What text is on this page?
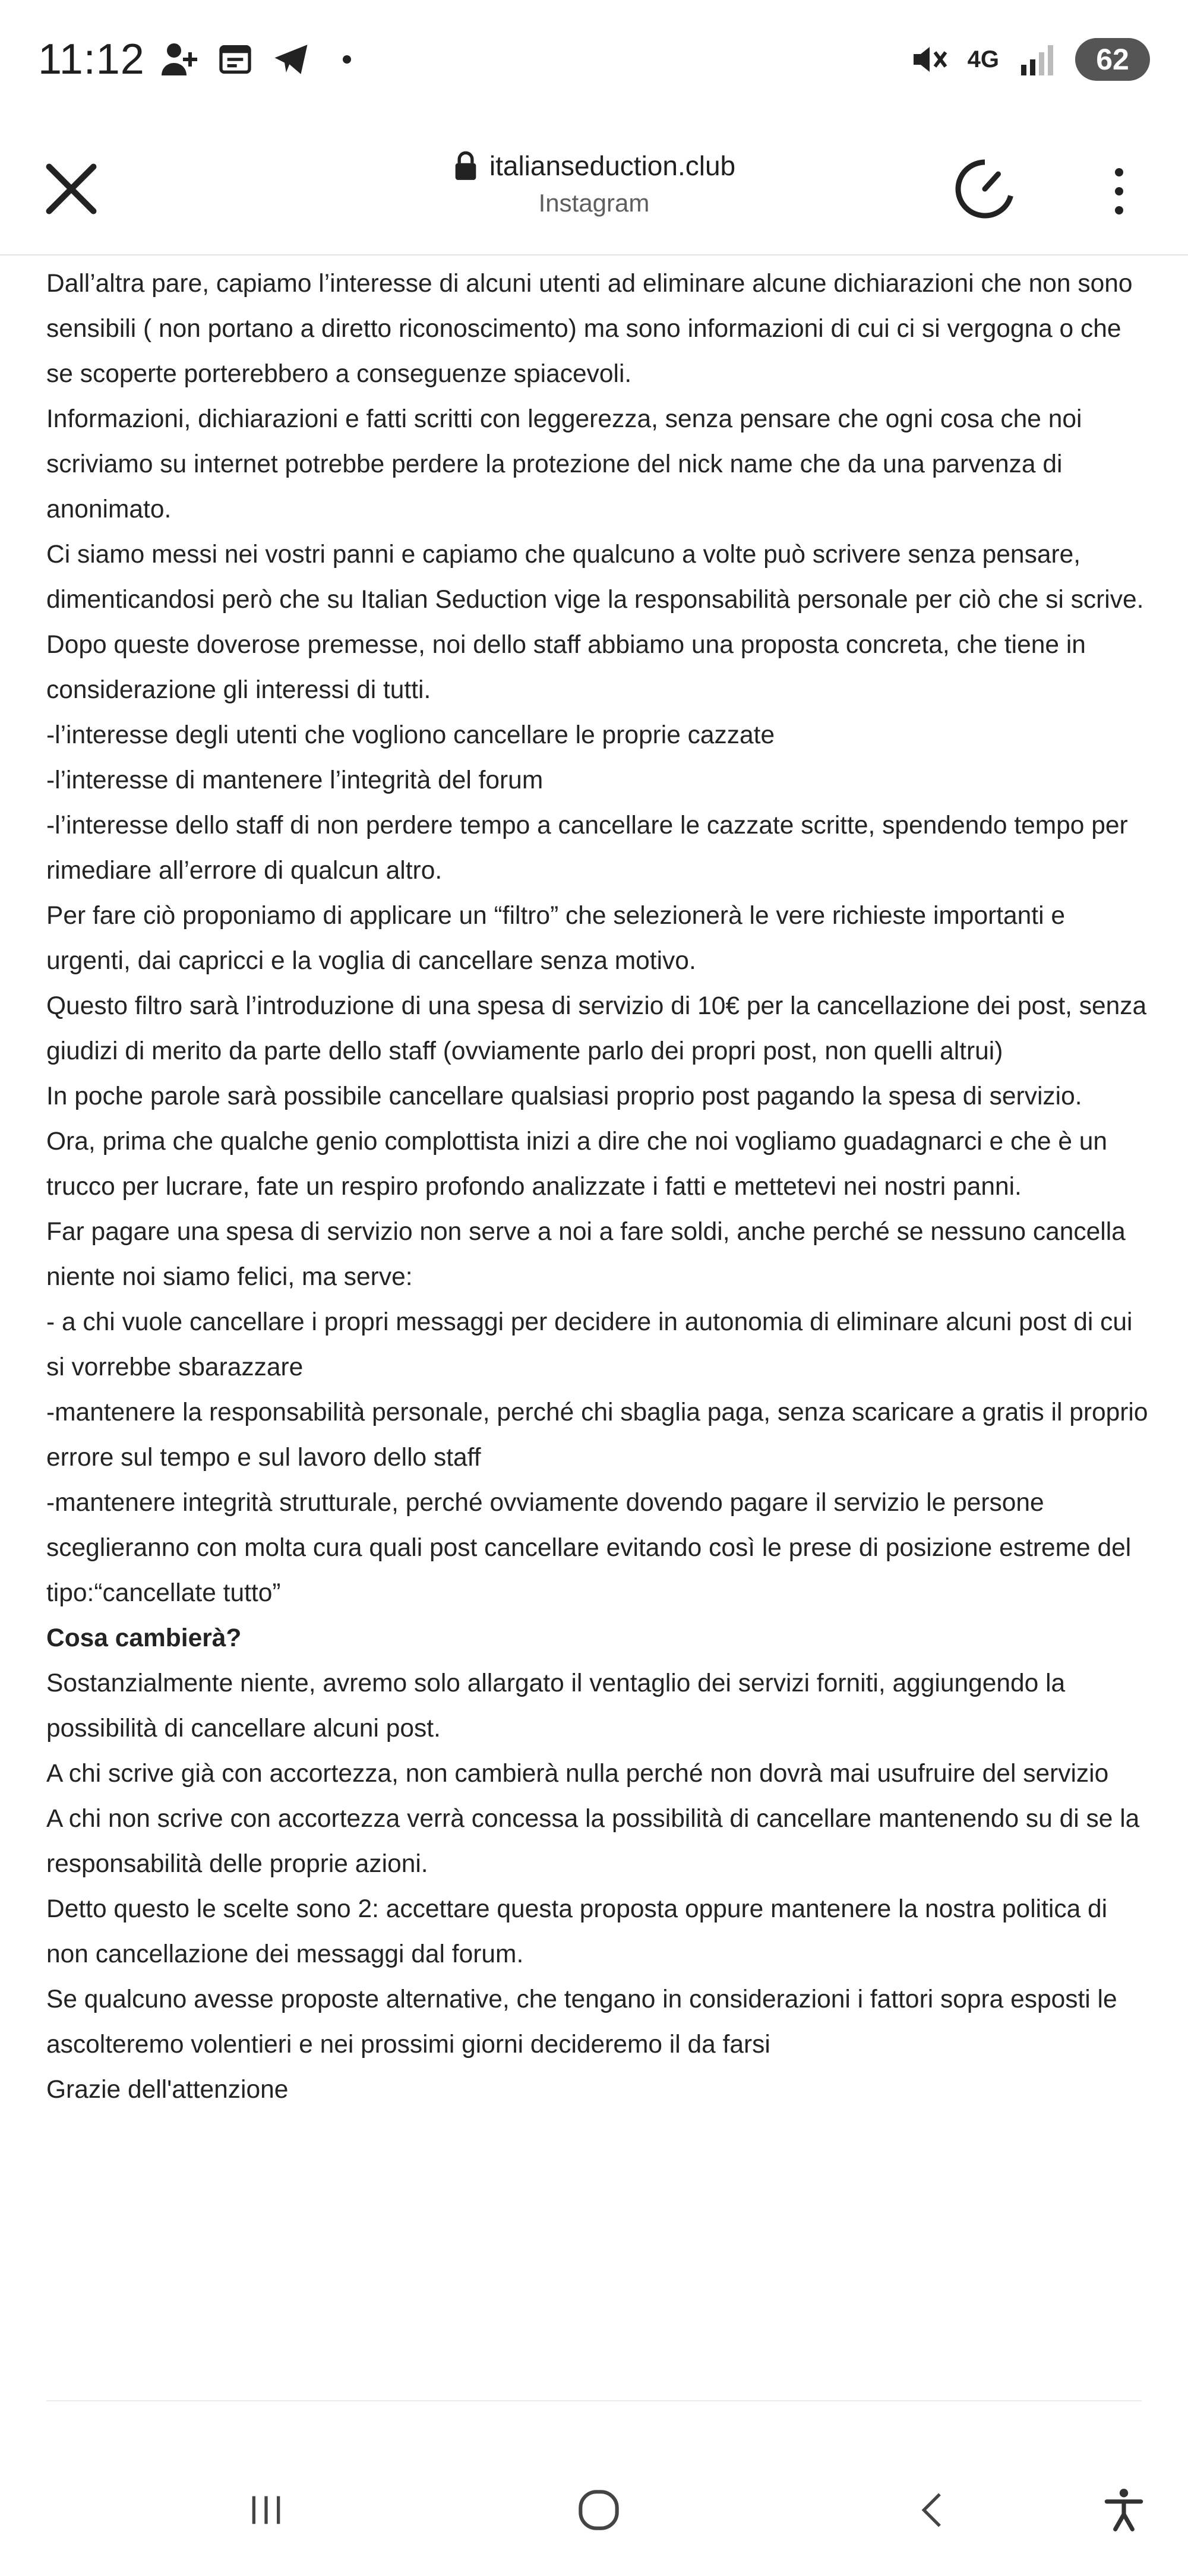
11:12	4G	62
italianseduction.club
Instagram

Dall’altra pare, capiamo l’interesse di alcuni utenti ad eliminare alcune dichiarazioni che non sono sensibili ( non portano a diretto riconoscimento) ma sono informazioni di cui ci si vergogna o che se scoperte porterebbero a conseguenze spiacevoli.

Informazioni, dichiarazioni e fatti scritti con leggerezza, senza pensare che ogni cosa che noi scriviamo su internet potrebbe perdere la protezione del nick name che da una parvenza di anonimato.

Ci siamo messi nei vostri panni e capiamo che qualcuno a volte può scrivere senza pensare, dimenticandosi però che su Italian Seduction vige la responsabilità personale per ciò che si scrive.

Dopo queste doverose premesse, noi dello staff abbiamo una proposta concreta, che tiene in considerazione gli interessi di tutti.

-l’interesse degli utenti che vogliono cancellare le proprie cazzate

-l’interesse di mantenere l’integrità del forum

-l’interesse dello staff di non perdere tempo a cancellare le cazzate scritte, spendendo tempo per rimediare all’errore di qualcun altro.

Per fare ciò proponiamo di applicare un “filtro” che selezionerà le vere richieste importanti e urgenti, dai capricci e la voglia di cancellare senza motivo.

Questo filtro sarà l’introduzione di una spesa di servizio di 10€ per la cancellazione dei post, senza giudizi di merito da parte dello staff (ovviamente parlo dei propri post, non quelli altrui)

In poche parole sarà possibile cancellare qualsiasi proprio post pagando la spesa di servizio.

Ora, prima che qualche genio complottista inizi a dire che noi vogliamo guadagnarci e che è un trucco per lucrare, fate un respiro profondo analizzate i fatti e mettetevi nei nostri panni.

Far pagare una spesa di servizio non serve a noi a fare soldi, anche perché se nessuno cancella niente noi siamo felici, ma serve:

- a chi vuole cancellare i propri messaggi per decidere in autonomia di eliminare alcuni post di cui si vorrebbe sbarazzare

-mantenere la responsabilità personale, perché chi sbaglia paga, senza scaricare a gratis il proprio errore sul tempo e sul lavoro dello staff

-mantenere integrità strutturale, perché ovviamente dovendo pagare il servizio le persone sceglieranno con molta cura quali post cancellare evitando così le prese di posizione estreme del tipo:“cancellate tutto”

Cosa cambierà?

Sostanzialmente niente, avremo solo allargato il ventaglio dei servizi forniti, aggiungendo la possibilità di cancellare alcuni post.

A chi scrive già con accortezza, non cambierà nulla perché non dovrà mai usufruire del servizio

A chi non scrive con accortezza verrà concessa la possibilità di cancellare mantenendo su di se la responsabilità delle proprie azioni.

Detto questo le scelte sono 2: accettare questa proposta oppure mantenere la nostra politica di non cancellazione dei messaggi dal forum.

Se qualcuno avesse proposte alternative, che tengano in considerazioni i fattori sopra esposti le ascolteremo volentieri e nei prossimi giorni decideremo il da farsi

Grazie dell'attenzione
